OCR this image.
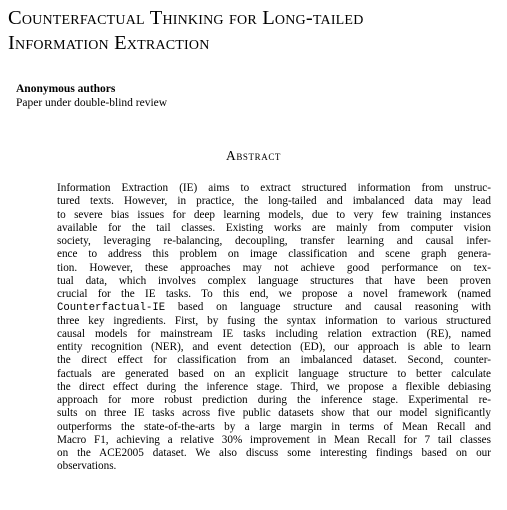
Counterfactual Thinking for Long-tailed
Information Extraction

Anonymous authors

Paper under double-blind review

Abstract
Information Extraction (IE) aims to extract structured information from unstruc-
tured texts. However, in practice, the long-tailed and imbalanced data may lead
to severe bias issues for deep learning models, due to very few training instances
available for the tail classes. Existing works are mainly from computer vision
society, leveraging re-balancing, decoupling, transfer learning and causal infer-
ence to address this problem on image classification and scene graph genera-
tion. However, these approaches may not achieve good performance on tex-
tual data, which involves complex language structures that have been proven
crucial for the IE tasks. To this end, we propose a novel framework (named
Counterfactual-IE based on language structure and causal reasoning with
three key ingredients. First, by fusing the syntax information to various structured
causal models for mainstream IE tasks including relation extraction (RE), named
entity recognition (NER), and event detection (ED), our approach is able to learn
the direct effect for classification from an imbalanced dataset. Second, counter-
factuals are generated based on an explicit language structure to better calculate
the direct effect during the inference stage. Third, we propose a flexible debiasing
approach for more robust prediction during the inference stage. Experimental re-
sults on three IE tasks across five public datasets show that our model significantly
outperforms the state-of-the-arts by a large margin in terms of Mean Recall and
Macro F1, achieving a relative 30% improvement in Mean Recall for 7 tail classes
on the ACE2005 dataset. We also discuss some interesting findings based on our
observations.
